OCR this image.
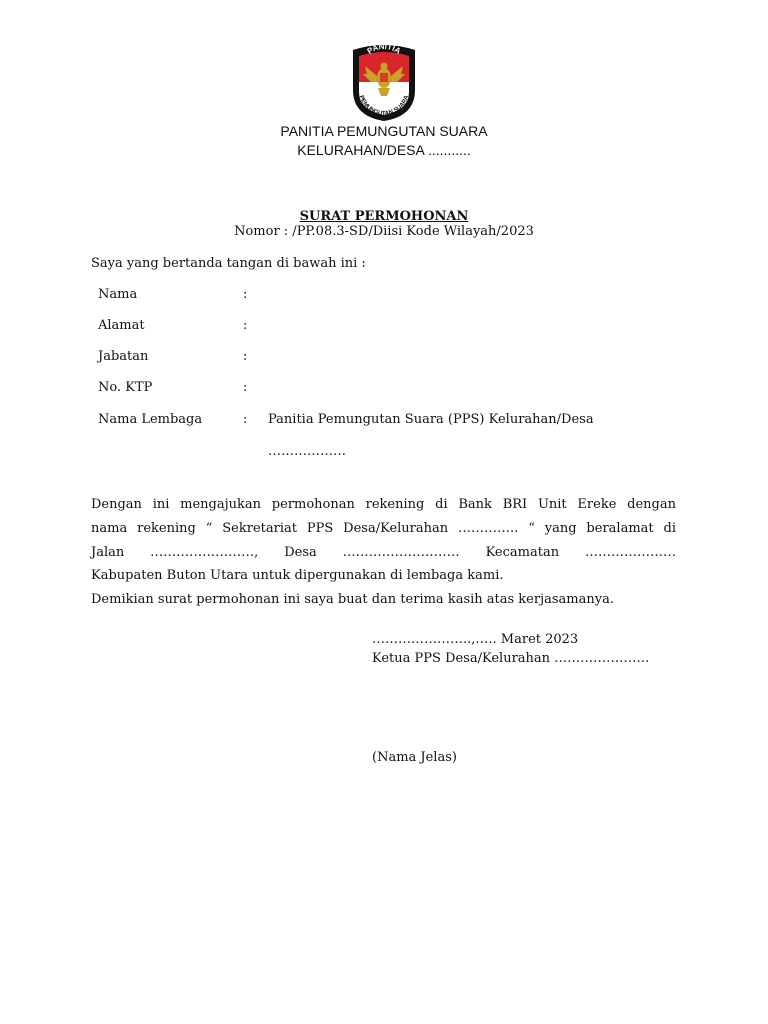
PANITIA
PEMUNGUTAN SUARA
PANITIA PEMUNGUTAN SUARA
KELURAHAN/DESA ...........
SURAT PERMOHONAN
Nomor : /PP.08.3-SD/Diisi Kode Wilayah/2023
Saya yang bertanda tangan di bawah ini :
Nama	:
Alamat	:
Jabatan	:
No. KTP	:
Nama Lembaga	: Panitia Pemungutan Suara (PPS) Kelurahan/Desa
………………
Dengan ini mengajukan permohonan rekening di Bank BRI Unit Ereke dengan
nama rekening “ Sekretariat PPS Desa/Kelurahan ………….. “ yang beralamat di
Jalan ……………………, Desa ……………………… Kecamatan …………………
Kabupaten Buton Utara untuk dipergunakan di lembaga kami.
Demikian surat permohonan ini saya buat dan terima kasih atas kerjasamanya.
…………………..,….. Maret 2023
Ketua PPS Desa/Kelurahan ………………….
(Nama Jelas)
